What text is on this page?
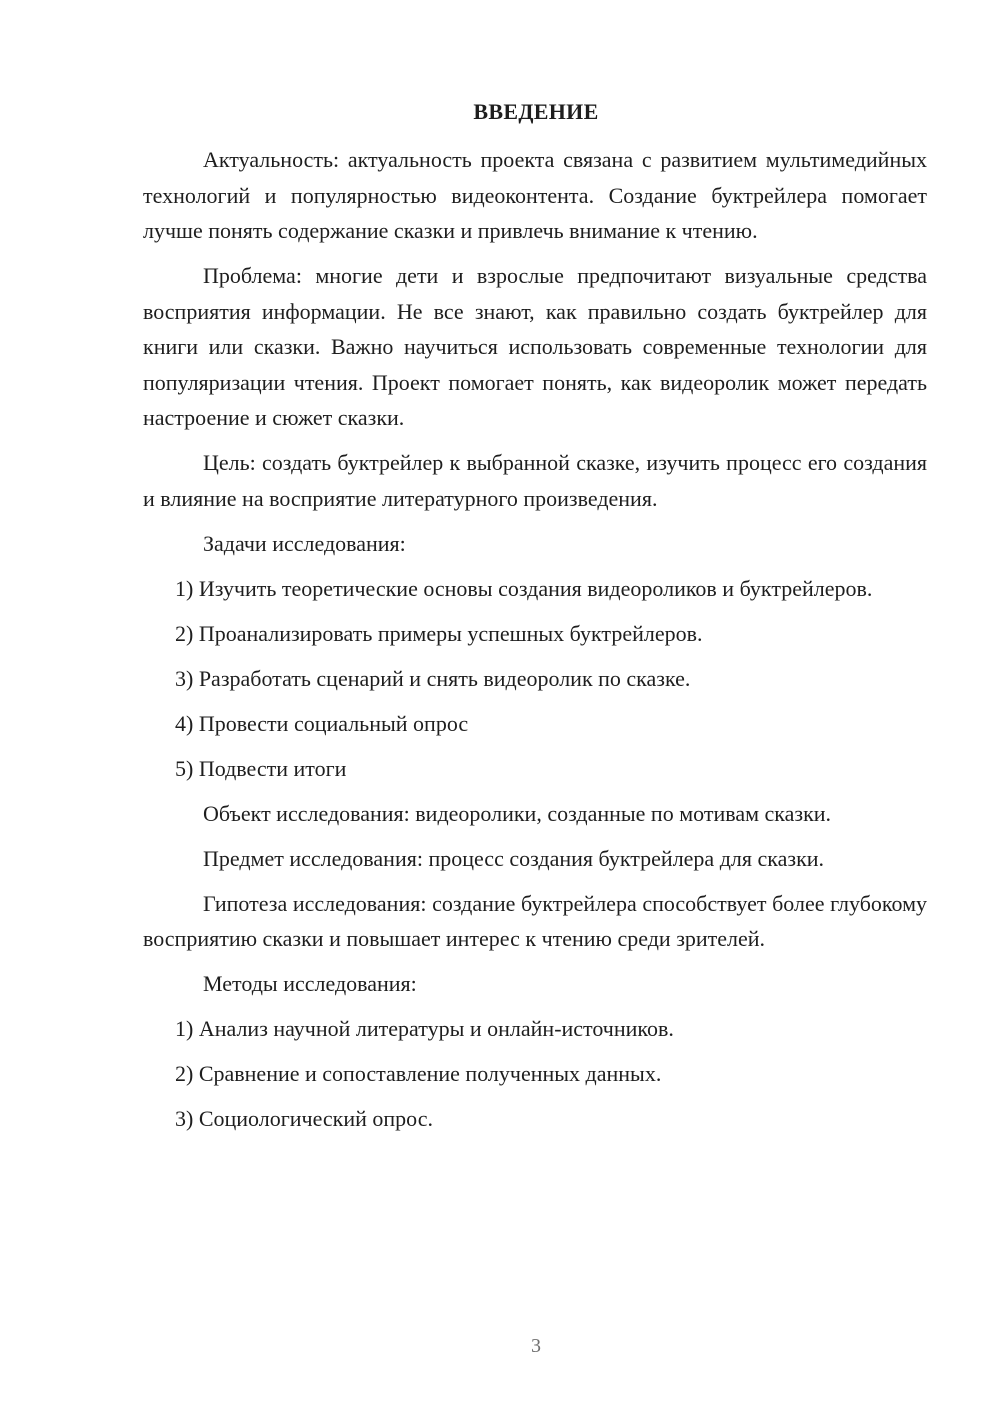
ВВЕДЕНИЕ

Актуальность: актуальность проекта связана с развитием мультимедийных технологий и популярностью видеоконтента. Создание буктрейлера помогает лучше понять содержание сказки и привлечь внимание к чтению.

Проблема: многие дети и взрослые предпочитают визуальные средства восприятия информации. Не все знают, как правильно создать буктрейлер для книги или сказки. Важно научиться использовать современные технологии для популяризации чтения. Проект помогает понять, как видеоролик может передать настроение и сюжет сказки.

Цель: создать буктрейлер к выбранной сказке, изучить процесс его создания и влияние на восприятие литературного произведения.

Задачи исследования:

1) Изучить теоретические основы создания видеороликов и буктрейлеров.

2) Проанализировать примеры успешных буктрейлеров.

3) Разработать сценарий и снять видеоролик по сказке.

4) Провести социальный опрос

5) Подвести итоги

Объект исследования: видеоролики, созданные по мотивам сказки.

Предмет исследования: процесс создания буктрейлера для сказки.

Гипотеза исследования: создание буктрейлера способствует более глубокому восприятию сказки и повышает интерес к чтению среди зрителей.

Методы исследования:

1) Анализ научной литературы и онлайн-источников.

2) Сравнение и сопоставление полученных данных.

3) Социологический опрос.

3
